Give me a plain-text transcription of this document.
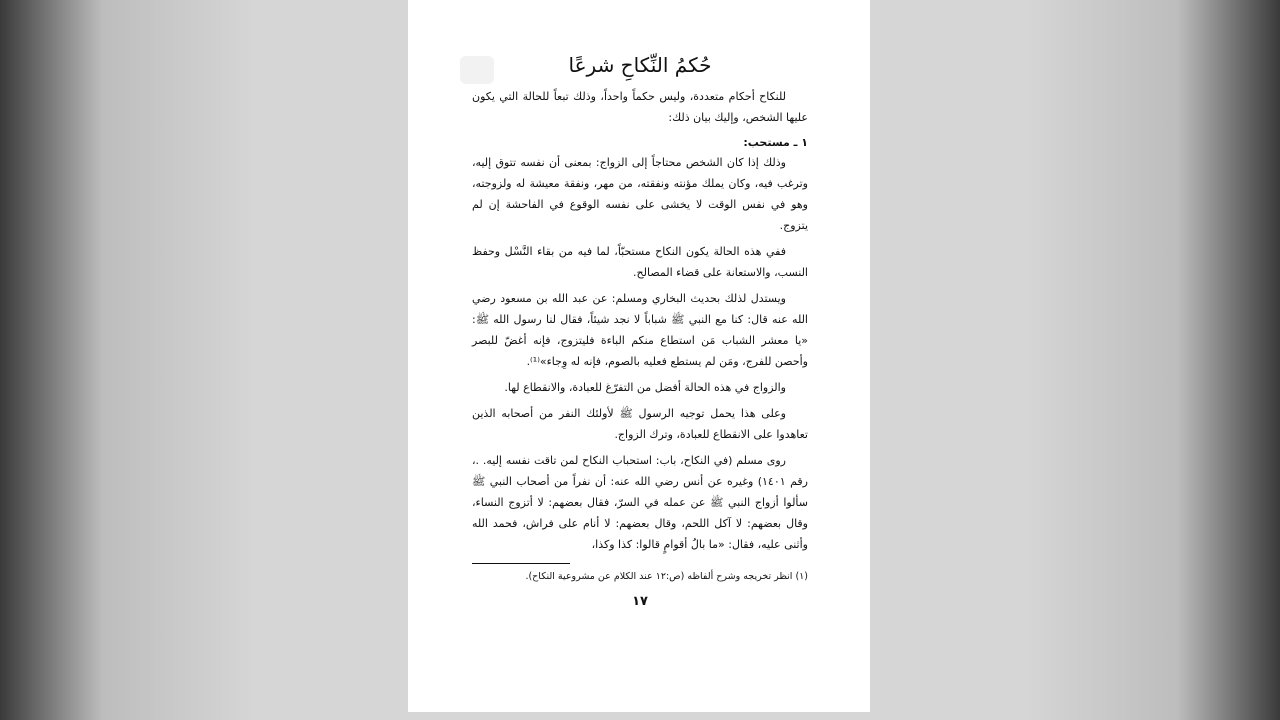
حُكمُ النِّكاحِ شرعًا

للنكاح أحكام متعددة، وليس حكماً واحداً، وذلك تبعاً للحالة التي يكون عليها الشخص، وإليك بيان ذلك:

١ ـ مستحب:

وذلك إذا كان الشخص محتاجاً إلى الزواج: بمعنى أن نفسه تتوق إليه، وترغب فيه، وكان يملك مؤنته ونفقته، من مهر، ونفقة معيشة له ولزوجته، وهو في نفس الوقت لا يخشى على نفسه الوقوع في الفاحشة إن لم يتزوج.

ففي هذه الحالة يكون النكاح مستحبّاً، لما فيه من بقاء النَّسْل وحفظ النسب، والاستعانة على قضاء المصالح.

ويستدل لذلك بحديث البخاري ومسلم: عن عبد الله بن مسعود رضي الله عنه قال: كنا مع النبي ﷺ شباباً لا نجد شيئاً، فقال لنا رسول الله ﷺ: «يا معشر الشباب مَن استطاع منكم الباءة فليتزوج، فإنه أغضّ للبصر وأحصن للفرج، ومَن لم يستطع فعليه بالصوم، فإنه له وِجاء»⁽¹⁾.

والزواج في هذه الحالة أفضل من التفرّغ للعبادة، والانقطاع لها.

وعلى هذا يحمل توجيه الرسول ﷺ لأولئك النفر من أصحابه الذين تعاهدوا على الانقطاع للعبادة، وترك الزواج.

روى مسلم (في النكاح، باب: استحباب النكاح لمن تاقت نفسه إليه. .، رقم ١٤٠١) وغيره عن أنس رضي الله عنه: أن نفراً من أصحاب النبي ﷺ سألوا أزواج النبي ﷺ عن عمله في السرّ، فقال بعضهم: لا أتزوج النساء، وقال بعضهم: لا آكل اللحم، وقال بعضهم: لا أنام على فراش، فحمد الله وأثنى عليه، فقال: «ما بالُ أقوامٍ قالوا: كذا وكذا،

(١) انظر تخريجه وشرح ألفاظه (ص:١٢ عند الكلام عن مشروعية النكاح).

١٧
